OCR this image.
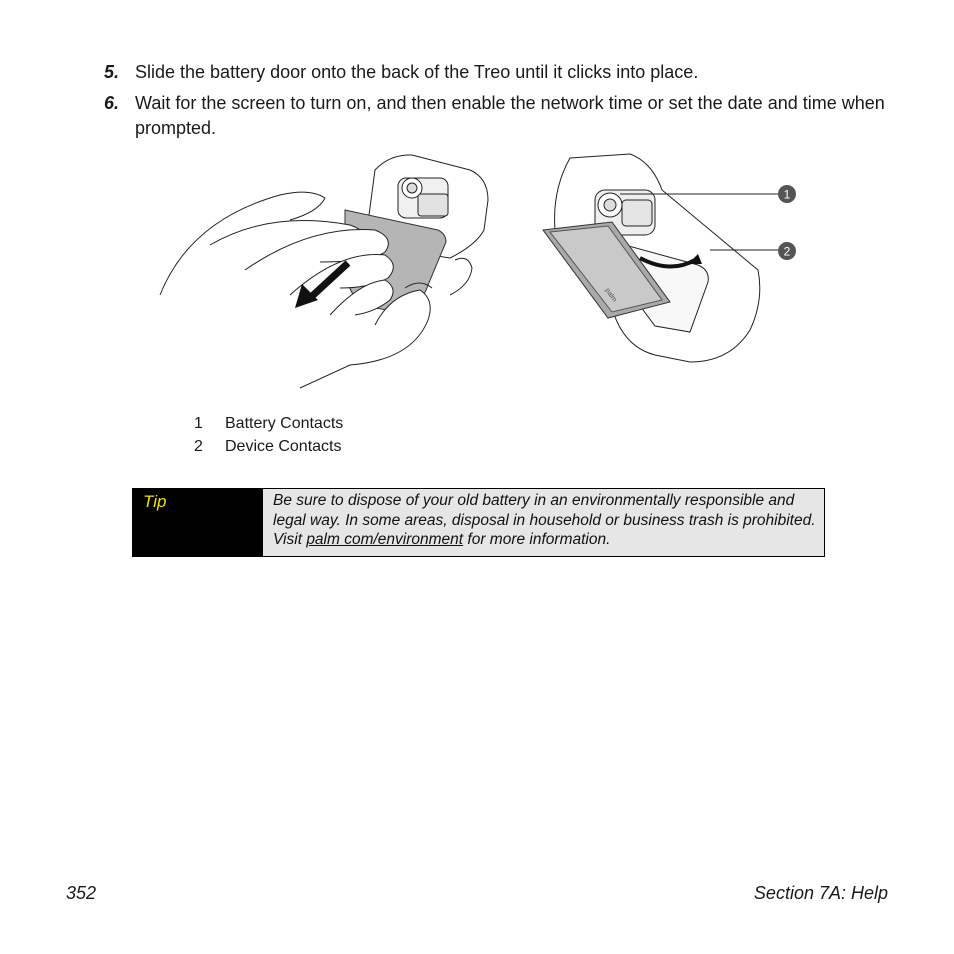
5. Slide the battery door onto the back of the Treo until it clicks into place.
6. Wait for the screen to turn on, and then enable the network time or set the date and time when prompted.
palm
1
2
1 Battery Contacts
2 Device Contacts
Tip	Be sure to dispose of your old battery in an environmentally responsible and legal way. In some areas, disposal in household or business trash is prohibited. Visit palm com/environment for more information.
352	Section 7A: Help
